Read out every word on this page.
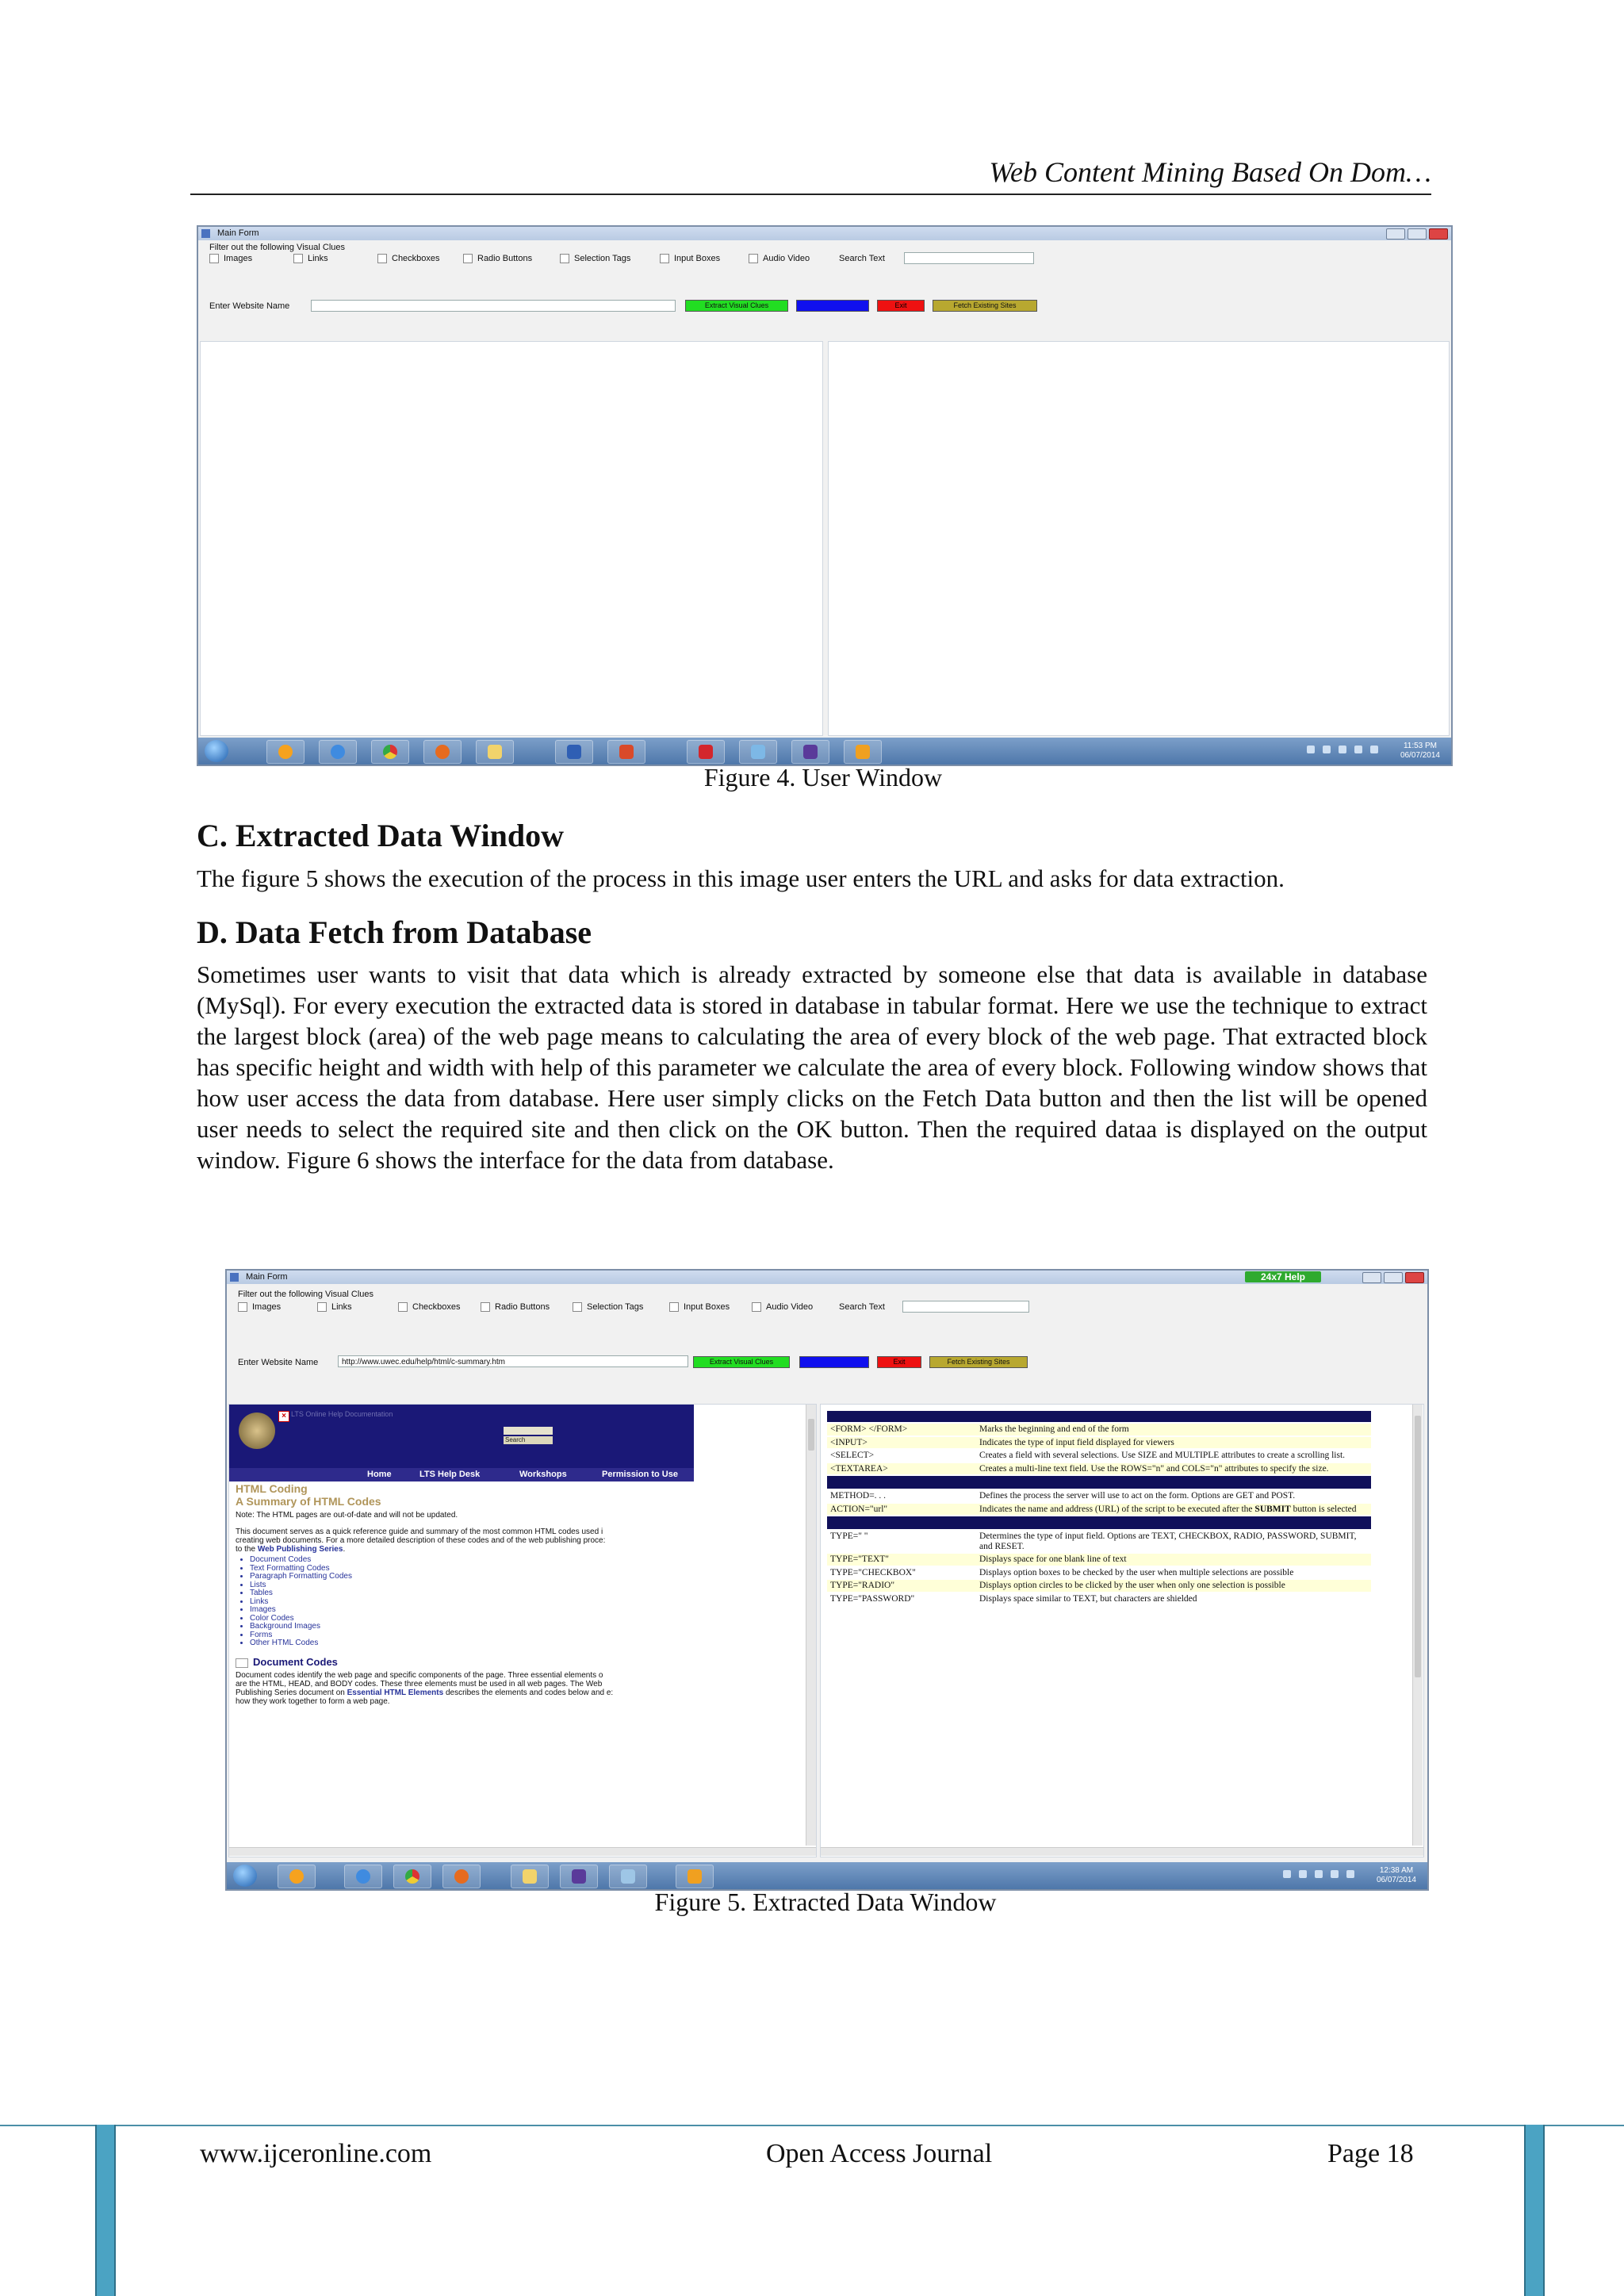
Web Content Mining Based On Dom…
Main Form
Filter out the following Visual Clues
Images	Links	Checkboxes	Radio Buttons	Selection Tags	Input Boxes	Audio Video	Search Text
Enter Website Name	Extract Visual Clues	Exit	Fetch Existing Sites
11:53 PM
06/07/2014
Figure 4. User Window
C. Extracted Data Window

The figure 5 shows the execution of the process in this image user enters the URL and asks for data extraction.

D. Data Fetch from Database

Sometimes user wants to visit that data which is already extracted by someone else that data is available in database (MySql). For every execution the extracted data is stored in database in tabular format. Here we use the technique to extract the largest block (area) of the web page means to calculating the area of every block of the web page. That extracted block has specific height and width with help of this parameter we calculate the area of every block. Following window shows that how user access the data from database. Here user simply clicks on the Fetch Data button and then the list will be opened user needs to select the required site and then click on the OK button. Then the required dataa is displayed on the output window. Figure 6 shows the interface for the data from database.

Main Form	24x7 Help
Filter out the following Visual Clues
Images	Links	Checkboxes	Radio Buttons	Selection Tags	Input Boxes	Audio Video	Search Text
Enter Website Name	http://www.uwec.edu/help/html/c-summary.htm	Extract Visual Clues	Exit	Fetch Existing Sites
× LTS Online Help Documentation
Search
Home	LTS Help Desk	Workshops	Permission to Use
HTML Coding
A Summary of HTML Codes
Note: The HTML pages are out-of-date and will not be updated.
This document serves as a quick reference guide and summary of the most common HTML codes used i
creating web documents. For a more detailed description of these codes and of the web publishing proce:
to the Web Publishing Series.
• Document Codes
• Text Formatting Codes
• Paragraph Formatting Codes
• Lists
• Tables
• Links
• Images
• Color Codes
• Background Images
• Forms
• Other HTML Codes
Document Codes
Document codes identify the web page and specific components of the page. Three essential elements o
are the HTML, HEAD, and BODY codes. These three elements must be used in all web pages. The Web
Publishing Series document on Essential HTML Elements describes the elements and codes below and e:
how they work together to form a web page.

<FORM> </FORM>	Marks the beginning and end of the form
<INPUT>	Indicates the type of input field displayed for viewers
<SELECT>	Creates a field with several selections. Use SIZE and MULTIPLE attributes to create a scrolling list.
<TEXTAREA>	Creates a multi-line text field. Use the ROWS="n" and COLS="n" attributes to specify the size.

METHOD=. . .	Defines the process the server will use to act on the form. Options are GET and POST.
ACTION="url"	Indicates the name and address (URL) of the script to be executed after the SUBMIT button is selected

TYPE=" "	Determines the type of input field. Options are TEXT, CHECKBOX, RADIO, PASSWORD, SUBMIT, and RESET.
TYPE="TEXT"	Displays space for one blank line of text
TYPE="CHECKBOX"	Displays option boxes to be checked by the user when multiple selections are possible
TYPE="RADIO"	Displays option circles to be clicked by the user when only one selection is possible
TYPE="PASSWORD"	Displays space similar to TEXT, but characters are shielded
12:38 AM
06/07/2014
Figure 5. Extracted Data Window
www.ijceronline.com	Open Access Journal	Page 18
